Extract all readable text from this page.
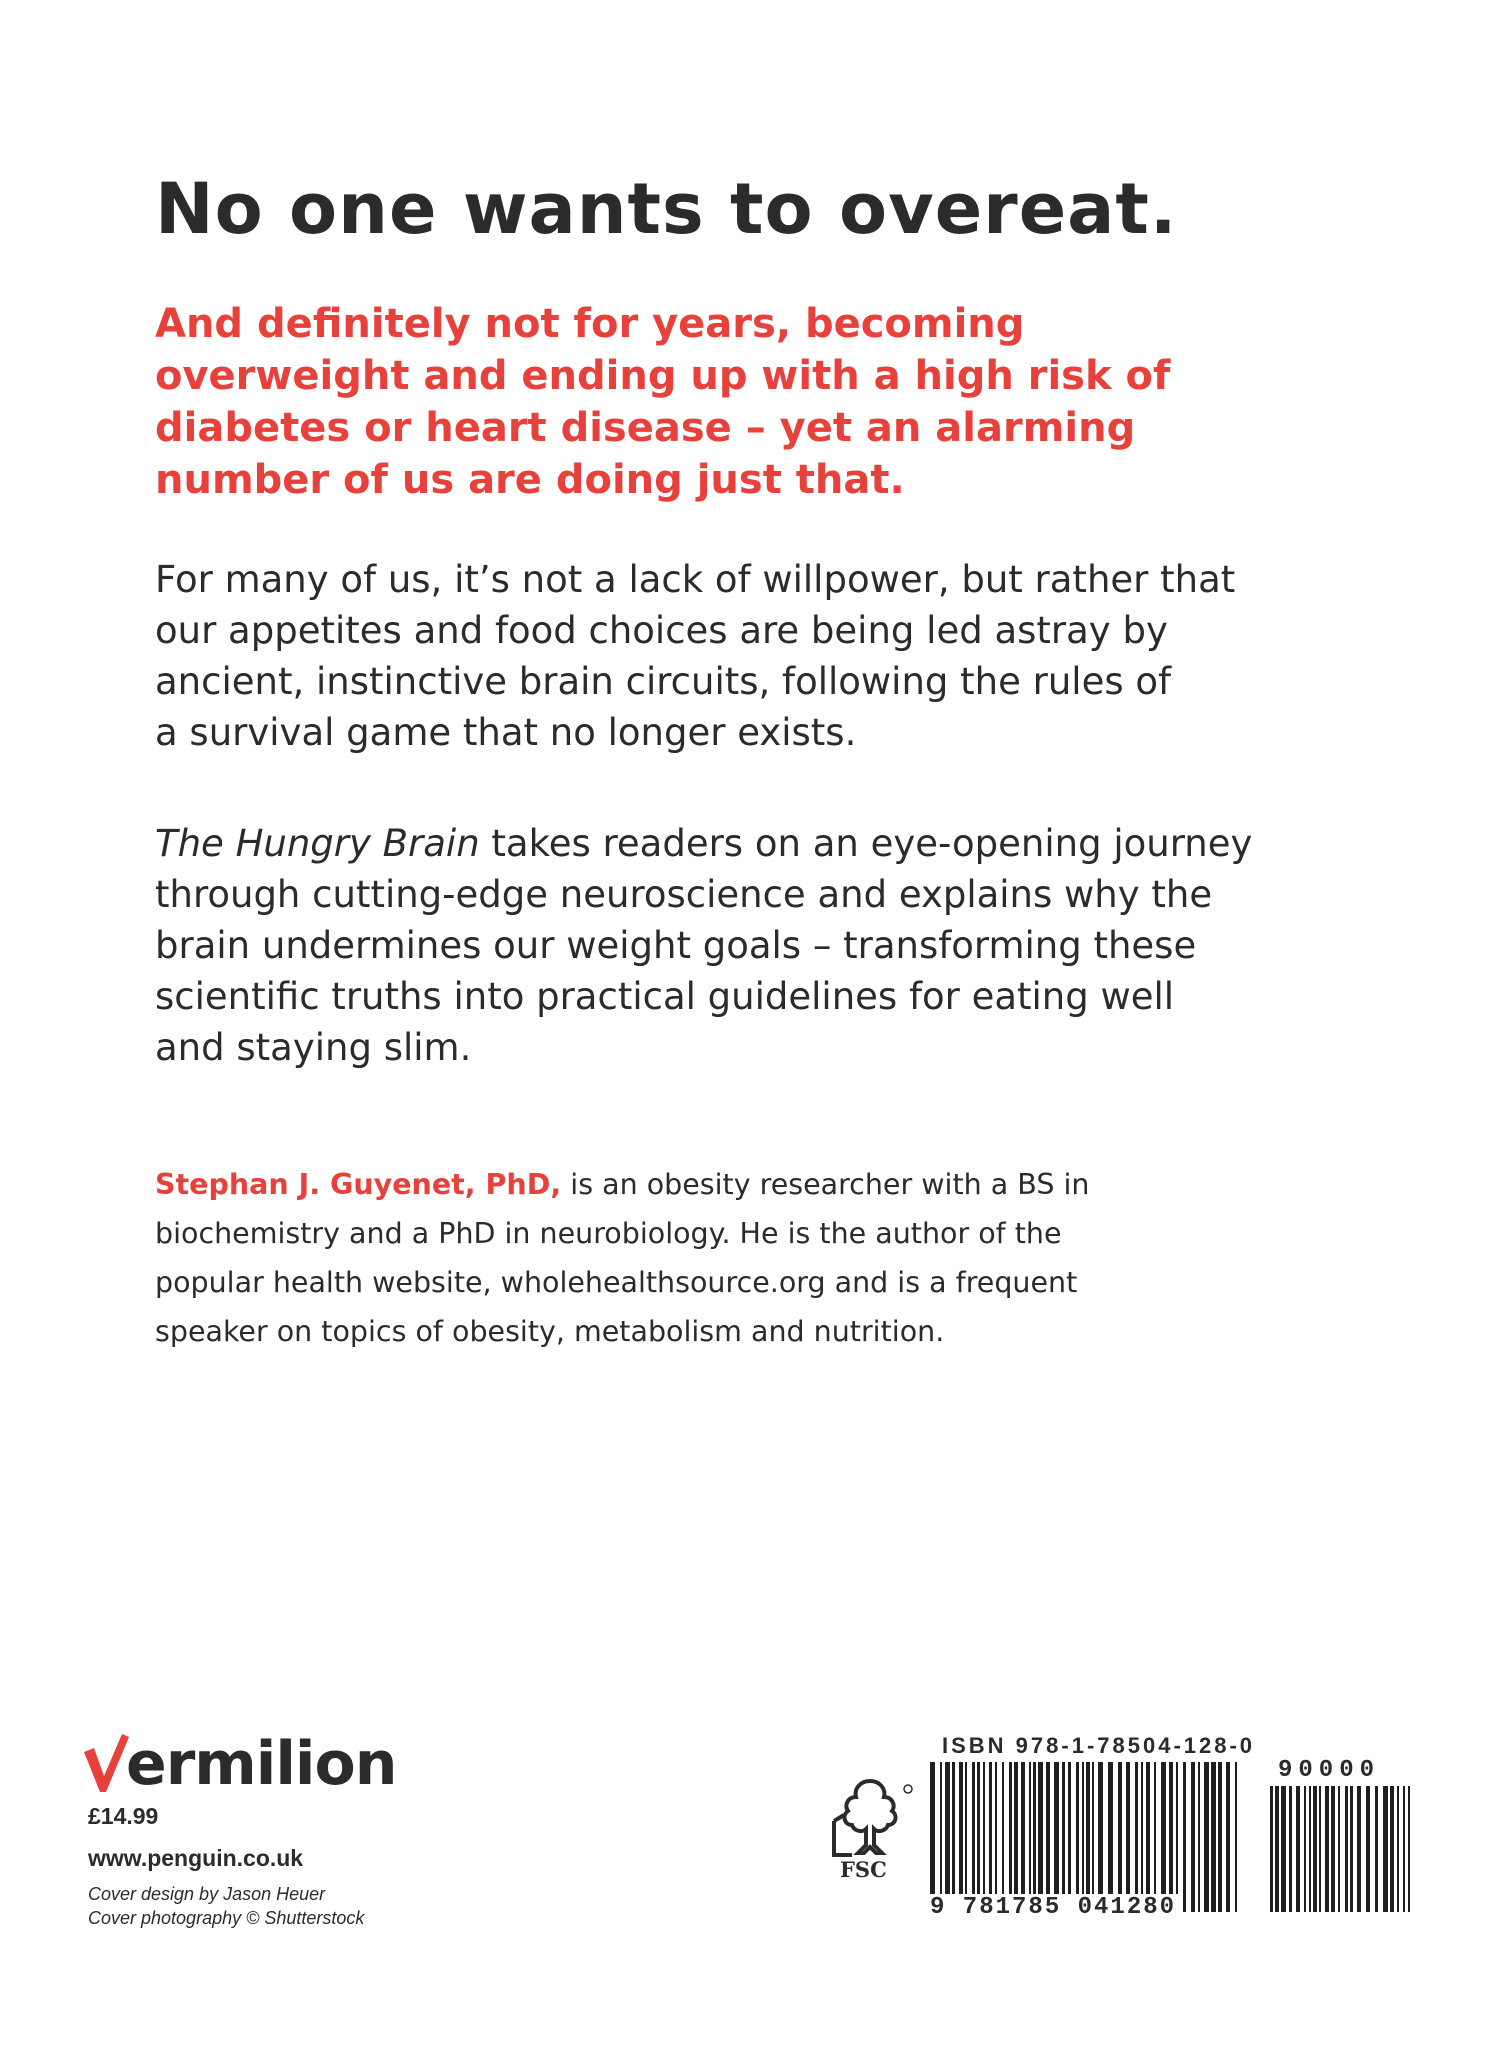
No one wants to overeat.

And definitely not for years, becoming
overweight and ending up with a high risk of
diabetes or heart disease – yet an alarming
number of us are doing just that.

For many of us, it’s not a lack of willpower, but rather that
our appetites and food choices are being led astray by
ancient, instinctive brain circuits, following the rules of
a survival game that no longer exists.

The Hungry Brain takes readers on an eye-opening journey
through cutting-edge neuroscience and explains why the
brain undermines our weight goals – transforming these
scientific truths into practical guidelines for eating well
and staying slim.

Stephan J. Guyenet, PhD, is an obesity researcher with a BS in
biochemistry and a PhD in neurobiology. He is the author of the
popular health website, wholehealthsource.org and is a frequent
speaker on topics of obesity, metabolism and nutrition.

ermilion
£14.99
www.penguin.co.uk
Cover design by Jason Heuer
Cover photography © Shutterstock
FSC
ISBN 978-1-78504-128-0
90000
9 781785 041280
